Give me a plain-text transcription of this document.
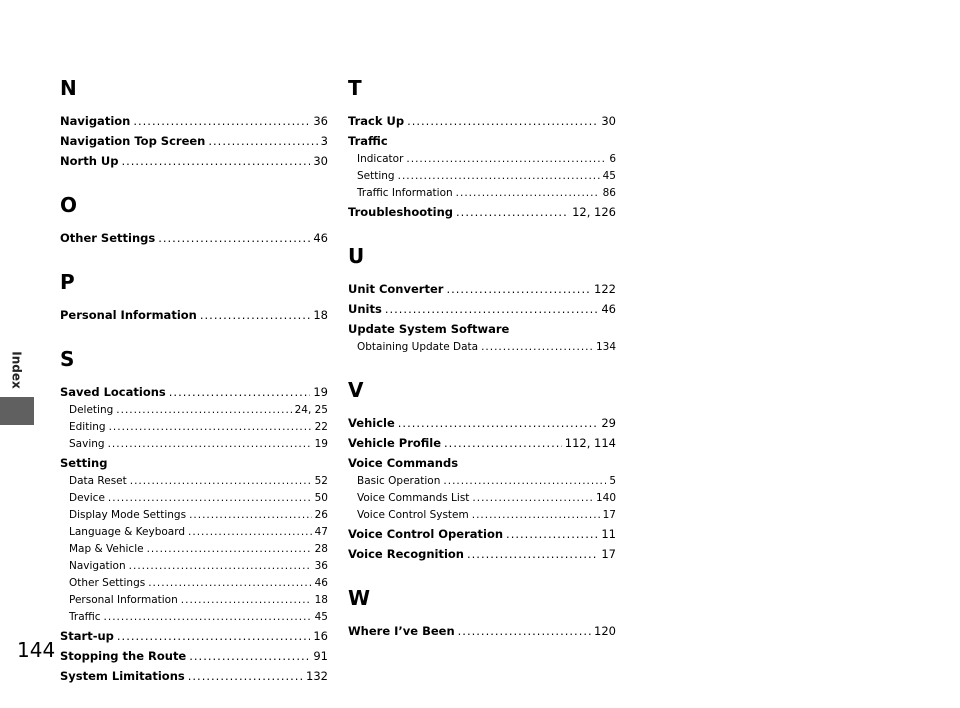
Index
N
Navigation .....	36
Navigation Top Screen .....	3
North Up .....	30
O
Other Settings .....	46
P
Personal Information .....	18
S
Saved Locations .....	19
Deleting .....	24, 25
Editing .....	22
Saving .....	19
Setting
Data Reset .....	52
Device .....	50
Display Mode Settings .....	26
Language & Keyboard .....	47
Map & Vehicle .....	28
Navigation .....	36
Other Settings .....	46
Personal Information .....	18
Traffic .....	45
Start-up .....	16
Stopping the Route .....	91
System Limitations .....	132
T
Track Up .....	30
Traffic
Indicator .....	6
Setting .....	45
Traffic Information .....	86
Troubleshooting .....	12, 126
U
Unit Converter .....	122
Units .....	46
Update System Software
Obtaining Update Data .....	134
V
Vehicle .....	29
Vehicle Profile .....	112, 114
Voice Commands
Basic Operation .....	5
Voice Commands List .....	140
Voice Control System .....	17
Voice Control Operation .....	11
Voice Recognition .....	17
W
Where I’ve Been .....	120
144
